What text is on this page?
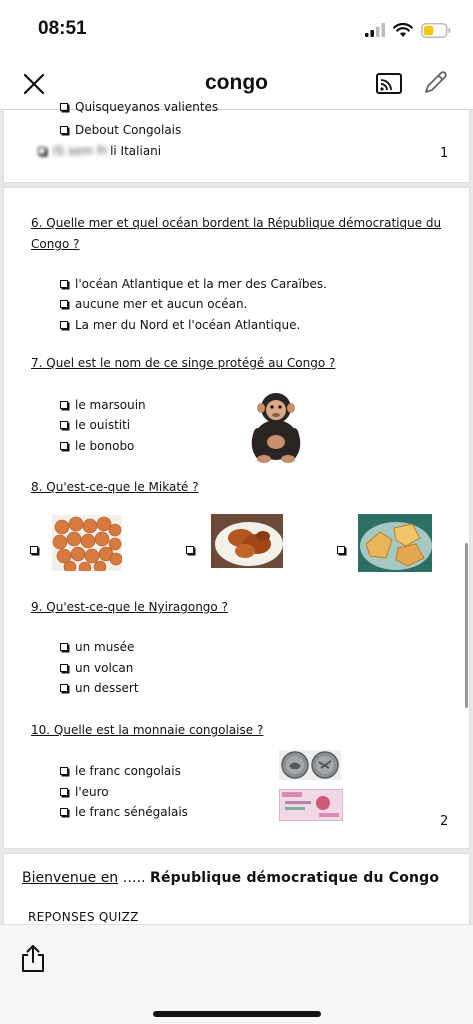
08:51
congo
Quisqueyanos valientes
Debout Congolais
IS sem Fr li Italiani	1
6. Quelle mer et quel océan bordent la République démocratique du Congo ?
l'océan Atlantique et la mer des Caraïbes.
aucune mer et aucun océan.
La mer du Nord et l'océan Atlantique.
7. Quel est le nom de ce singe protégé au Congo ?
le marsouin
le ouistiti
le bonobo
8. Qu'est-ce-que le Mikaté ?
9. Qu'est-ce-que le Nyiragongo ?
un musée
un volcan
un dessert
10. Quelle est la monnaie congolaise ?
le franc congolais
l'euro
le franc sénégalais
2
Bienvenue en ….. République démocratique du Congo
REPONSES QUIZZ
